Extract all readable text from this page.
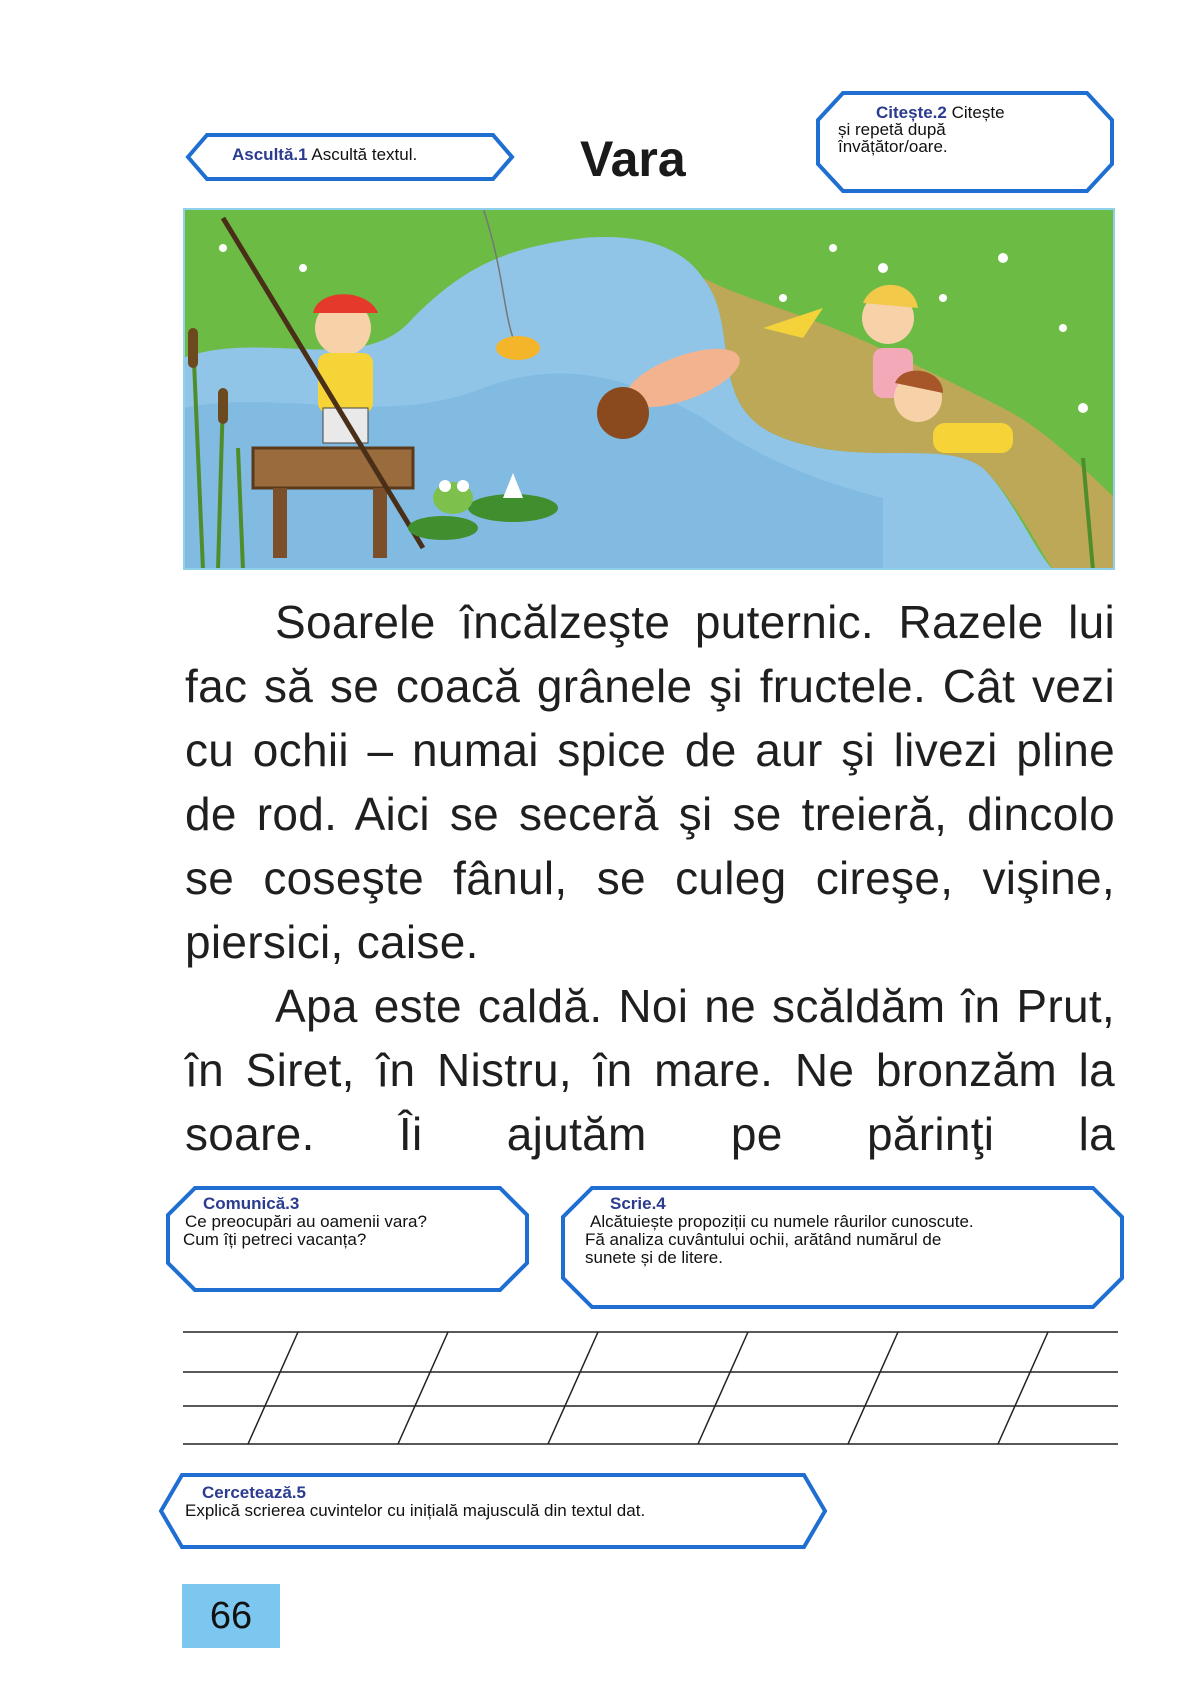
Ascultă.1 Ascultă textul.	Vara
Citește.2 Citește
și repetă după
învățător/oare.

Soarele încălzeşte puternic. Razele lui fac să se coacă grânele şi fructele. Cât vezi cu ochii – numai spice de aur şi livezi pline de rod. Aici se seceră şi se treieră, dincolo se coseşte fânul, se culeg cireşe, vişine, piersici, caise.

Apa este caldă. Noi ne scăldăm în Prut, în Siret, în Nistru, în mare. Ne bronzăm la soare. Îi ajutăm pe părinţi la

Comunică.3
Ce preocupări au oamenii vara?
Cum îți petreci vacanța?
Scrie.4
Alcătuiește propoziții cu numele râurilor cunoscute.
Fă analiza cuvântului ochii, arătând numărul de
sunete și de litere.
Cercetează.5
Explică scrierea cuvintelor cu inițială majusculă din textul dat.
66
